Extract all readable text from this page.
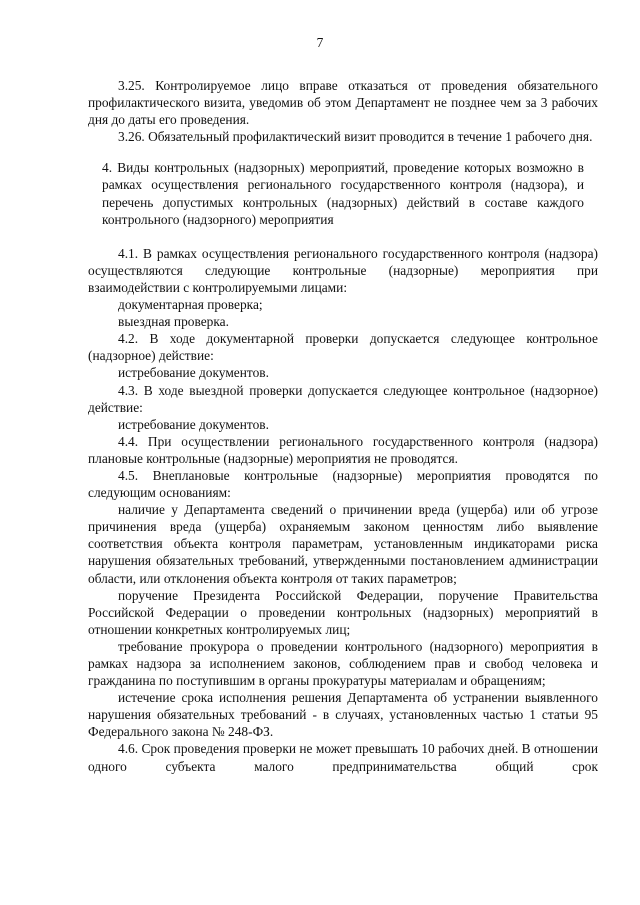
7

3.25. Контролируемое лицо вправе отказаться от проведения обязательного профилактического визита, уведомив об этом Департамент не позднее чем за 3 рабочих дня до даты его проведения.

3.26. Обязательный профилактический визит проводится в течение 1 рабочего дня.

4. Виды контрольных (надзорных) мероприятий, проведение которых возможно в рамках осуществления регионального государственного контроля (надзора), и перечень допустимых контрольных (надзорных) действий в составе каждого контрольного (надзорного) мероприятия

4.1. В рамках осуществления регионального государственного контроля (надзора) осуществляются следующие контрольные (надзорные) мероприятия при взаимодействии с контролируемыми лицами:

документарная проверка;

выездная проверка.

4.2. В ходе документарной проверки допускается следующее контрольное (надзорное) действие:

истребование документов.

4.3. В ходе выездной проверки допускается следующее контрольное (надзорное) действие:

истребование документов.

4.4. При осуществлении регионального государственного контроля (надзора) плановые контрольные (надзорные) мероприятия не проводятся.

4.5. Внеплановые контрольные (надзорные) мероприятия проводятся по следующим основаниям:

наличие у Департамента сведений о причинении вреда (ущерба) или об угрозе причинения вреда (ущерба) охраняемым законом ценностям либо выявление соответствия объекта контроля параметрам, установленным индикаторами риска нарушения обязательных требований, утвержденными постановлением администрации области, или отклонения объекта контроля от таких параметров;

поручение Президента Российской Федерации, поручение Правительства Российской Федерации о проведении контрольных (надзорных) мероприятий в отношении конкретных контролируемых лиц;

требование прокурора о проведении контрольного (надзорного) мероприятия в рамках надзора за исполнением законов, соблюдением прав и свобод человека и гражданина по поступившим в органы прокуратуры материалам и обращениям;

истечение срока исполнения решения Департамента об устранении выявленного нарушения обязательных требований - в случаях, установленных частью 1 статьи 95 Федерального закона № 248-ФЗ.

4.6. Срок проведения проверки не может превышать 10 рабочих дней. В отношении одного субъекта малого предпринимательства общий срок
